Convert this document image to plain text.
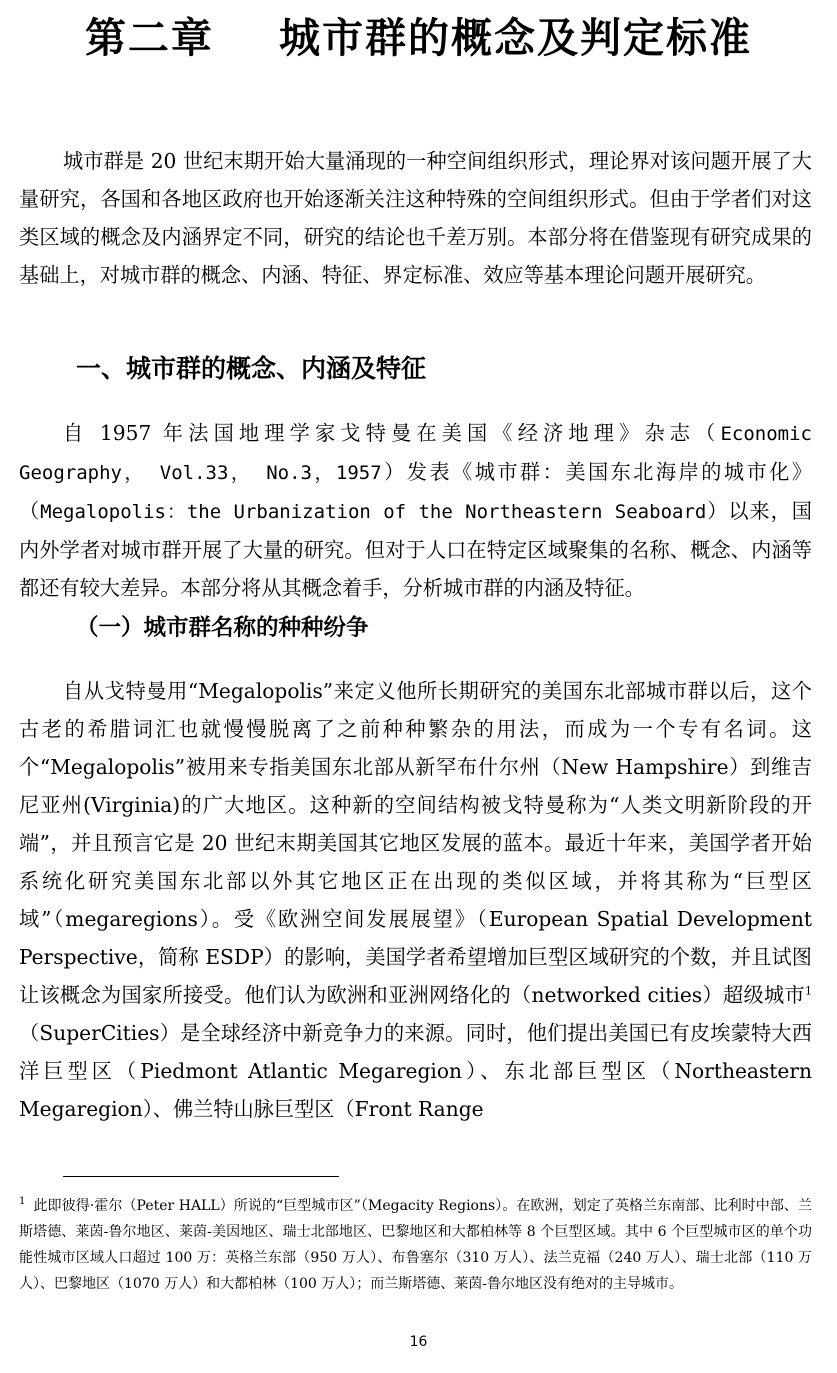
第二章    城市群的概念及判定标准

城市群是 20 世纪末期开始大量涌现的一种空间组织形式，理论界对该问题开展了大量研究，各国和各地区政府也开始逐渐关注这种特殊的空间组织形式。但由于学者们对这类区域的概念及内涵界定不同，研究的结论也千差万别。本部分将在借鉴现有研究成果的基础上，对城市群的概念、内涵、特征、界定标准、效应等基本理论问题开展研究。

一、城市群的概念、内涵及特征

自 1957 年法国地理学家戈特曼在美国《经济地理》杂志（Economic Geography， Vol.33， No.3，1957）发表《城市群：美国东北海岸的城市化》（Megalopolis：the Urbanization of the Northeastern Seaboard）以来，国内外学者对城市群开展了大量的研究。但对于人口在特定区域聚集的名称、概念、内涵等都还有较大差异。本部分将从其概念着手，分析城市群的内涵及特征。

（一）城市群名称的种种纷争

自从戈特曼用“Megalopolis”来定义他所长期研究的美国东北部城市群以后，这个古老的希腊词汇也就慢慢脱离了之前种种繁杂的用法，而成为一个专有名词。这个“Megalopolis”被用来专指美国东北部从新罕布什尔州（New Hampshire）到维吉尼亚州(Virginia)的广大地区。这种新的空间结构被戈特曼称为“人类文明新阶段的开端”，并且预言它是 20 世纪末期美国其它地区发展的蓝本。最近十年来，美国学者开始系统化研究美国东北部以外其它地区正在出现的类似区域，并将其称为“巨型区域”（megaregions）。受《欧洲空间发展展望》（European Spatial Development Perspective，简称 ESDP）的影响，美国学者希望增加巨型区域研究的个数，并且试图让该概念为国家所接受。他们认为欧洲和亚洲网络化的（networked cities）超级城市$^1$（SuperCities）是全球经济中新竞争力的来源。同时，他们提出美国已有皮埃蒙特大西洋巨型区（Piedmont Atlantic Megaregion）、东北部巨型区（Northeastern Megaregion）、佛兰特山脉巨型区（Front Range

$^1$ 此即彼得·霍尔（Peter HALL）所说的“巨型城市区”（Megacity Regions）。在欧洲，划定了英格兰东南部、比利时中部、兰斯塔德、莱茵-鲁尔地区、莱茵-美因地区、瑞士北部地区、巴黎地区和大都柏林等 8 个巨型区域。其中 6 个巨型城市区的单个功能性城市区域人口超过 100 万：英格兰东部（950 万人）、布鲁塞尔（310 万人）、法兰克福（240 万人）、瑞士北部（110 万人）、巴黎地区（1070 万人）和大都柏林（100 万人）；而兰斯塔德、莱茵-鲁尔地区没有绝对的主导城市。

16
